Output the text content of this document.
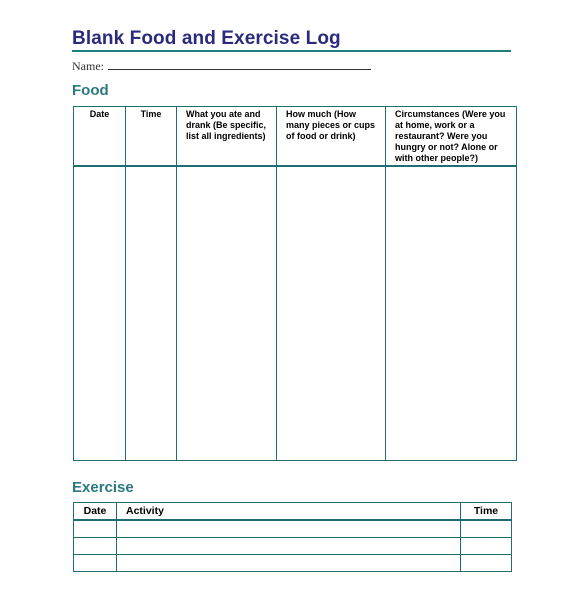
Blank Food and Exercise Log
Name:
Food
Date	Time	What you ate and drank (Be specific, list all ingredients)	How much (How many pieces or cups of food or drink)	Circumstances (Were you at home, work or a restaurant? Were you hungry or not? Alone or with other people?)

Exercise
Date	Activity	Time
